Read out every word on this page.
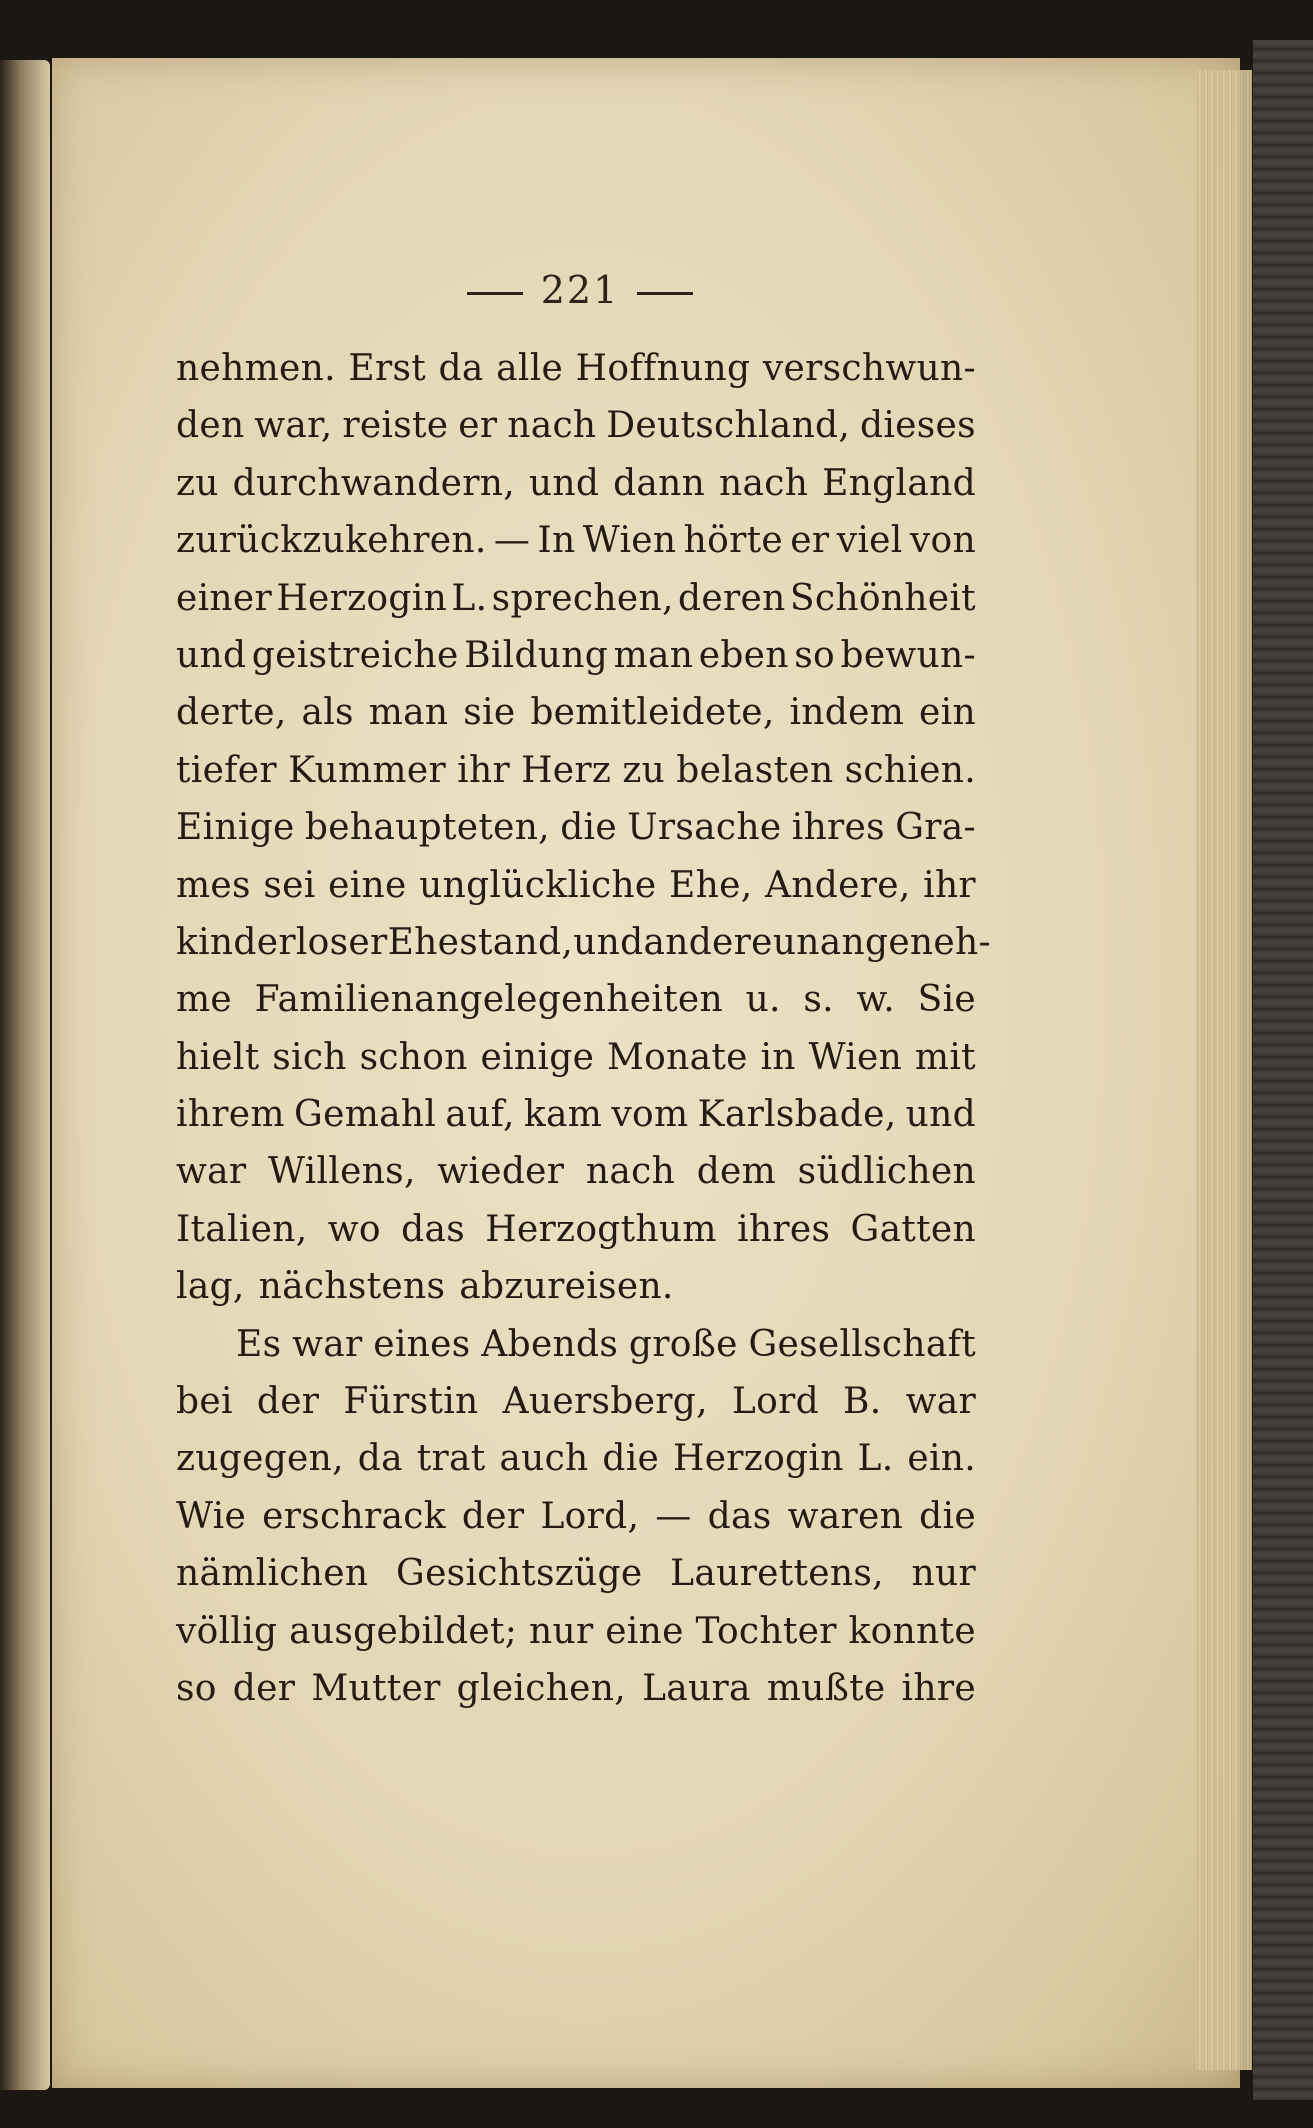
221
nehmen. Erst da alle Hoffnung verschwun-
den war, reiste er nach Deutschland, dieses
zu durchwandern, und dann nach England
zurückzukehren. — In Wien hörte er viel von
einer Herzogin L. sprechen, deren Schönheit
und geistreiche Bildung man eben so bewun-
derte, als man sie bemitleidete, indem ein
tiefer Kummer ihr Herz zu belasten schien.
Einige behaupteten, die Ursache ihres Gra-
mes sei eine unglückliche Ehe, Andere, ihr
kinderloser Ehestand, und andere unangeneh-
me Familienangelegenheiten u. s. w. Sie
hielt sich schon einige Monate in Wien mit
ihrem Gemahl auf, kam vom Karlsbade, und
war Willens, wieder nach dem südlichen
Italien, wo das Herzogthum ihres Gatten
lag, nächstens abzureisen.
Es war eines Abends große Gesellschaft
bei der Fürstin Auersberg, Lord B. war
zugegen, da trat auch die Herzogin L. ein.
Wie erschrack der Lord, — das waren die
nämlichen Gesichtszüge Laurettens, nur
völlig ausgebildet; nur eine Tochter konnte
so der Mutter gleichen, Laura mußte ihre
